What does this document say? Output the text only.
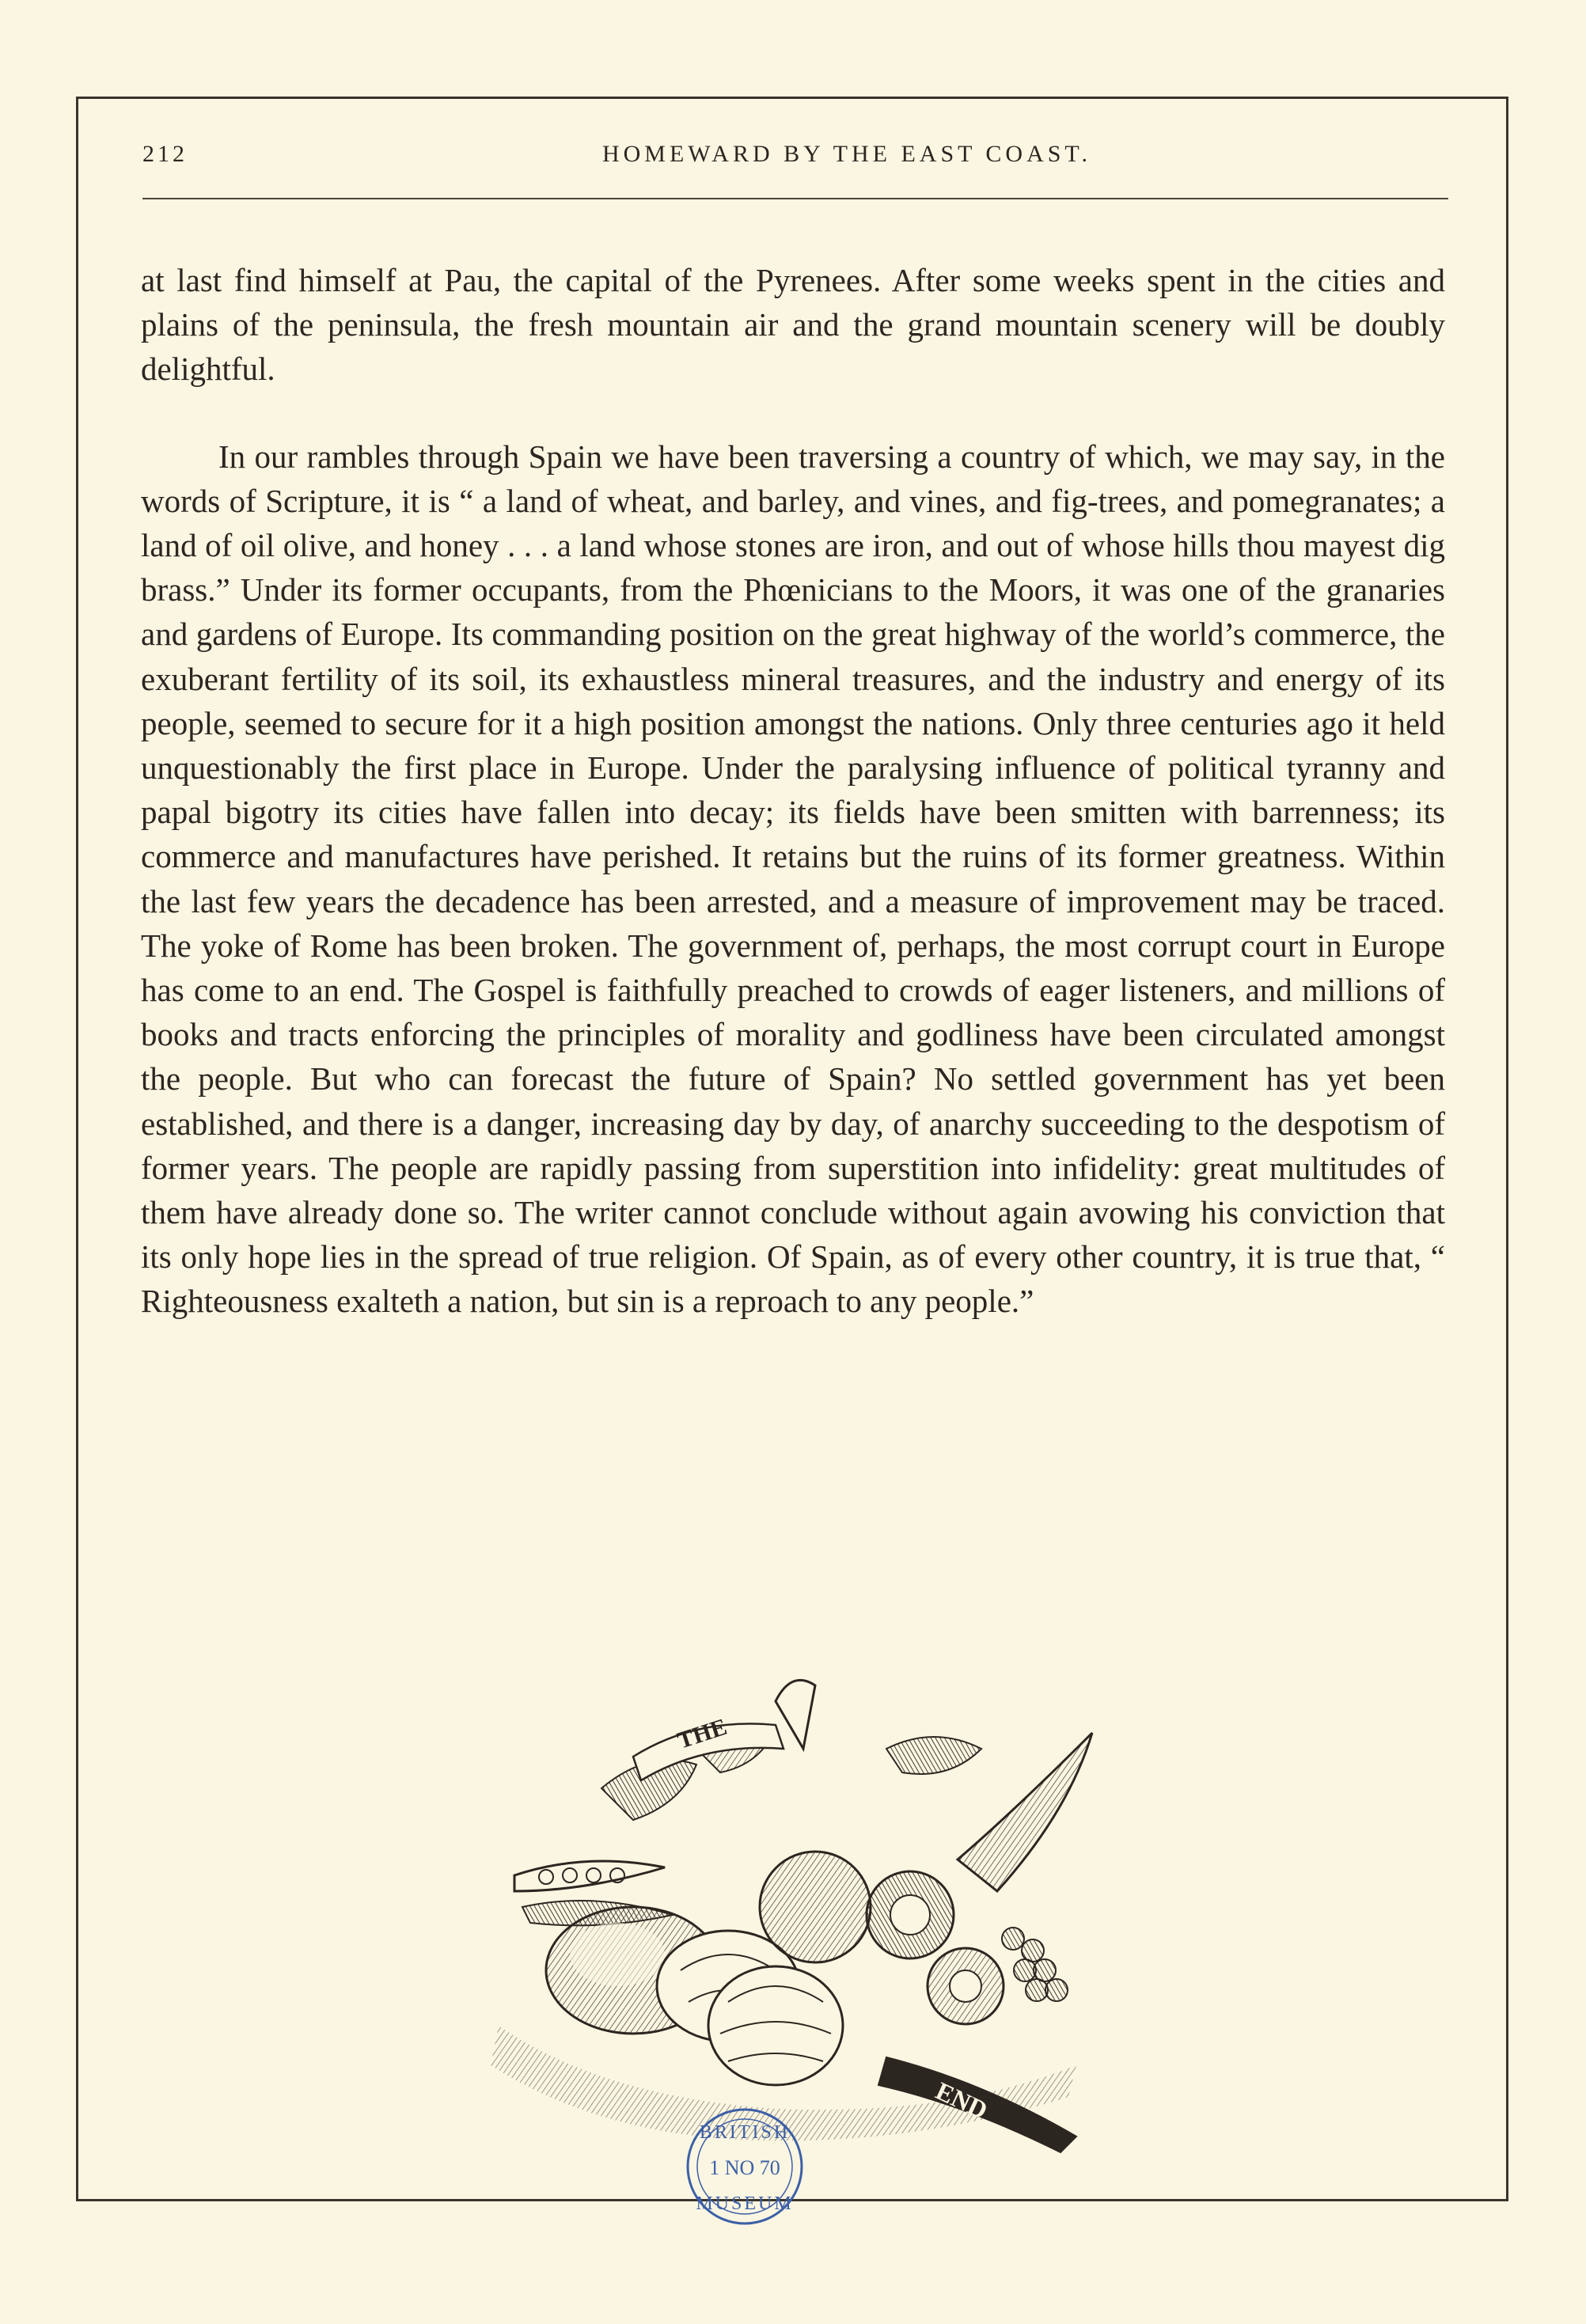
212	HOMEWARD BY THE EAST COAST.

at last find himself at Pau, the capital of the Pyrenees. After some weeks spent in the cities and plains of the peninsula, the fresh mountain air and the grand mountain scenery will be doubly delightful.

In our rambles through Spain we have been traversing a country of which, we may say, in the words of Scripture, it is “ a land of wheat, and barley, and vines, and fig-trees, and pomegranates; a land of oil olive, and honey . . . a land whose stones are iron, and out of whose hills thou mayest dig brass.” Under its former occupants, from the Phœnicians to the Moors, it was one of the granaries and gardens of Europe. Its commanding position on the great highway of the world’s commerce, the exuberant fertility of its soil, its exhaustless mineral treasures, and the industry and energy of its people, seemed to secure for it a high position amongst the nations. Only three centuries ago it held unquestionably the first place in Europe. Under the paralysing influence of political tyranny and papal bigotry its cities have fallen into decay; its fields have been smitten with barrenness; its commerce and manufactures have perished. It retains but the ruins of its former greatness. Within the last few years the decadence has been arrested, and a measure of improvement may be traced. The yoke of Rome has been broken. The government of, perhaps, the most corrupt court in Europe has come to an end. The Gospel is faithfully preached to crowds of eager listeners, and millions of books and tracts enforcing the principles of morality and godliness have been circulated amongst the people. But who can forecast the future of Spain? No settled government has yet been established, and there is a danger, increasing day by day, of anarchy succeeding to the despotism of former years. The people are rapidly passing from superstition into infidelity: great multitudes of them have already done so. The writer cannot conclude without again avowing his conviction that its only hope lies in the spread of true religion. Of Spain, as of every other country, it is true that, “ Righteousness exalteth a nation, but sin is a reproach to any people.”

THE
END
BRITISH
1 NO 70
MUSEUM
